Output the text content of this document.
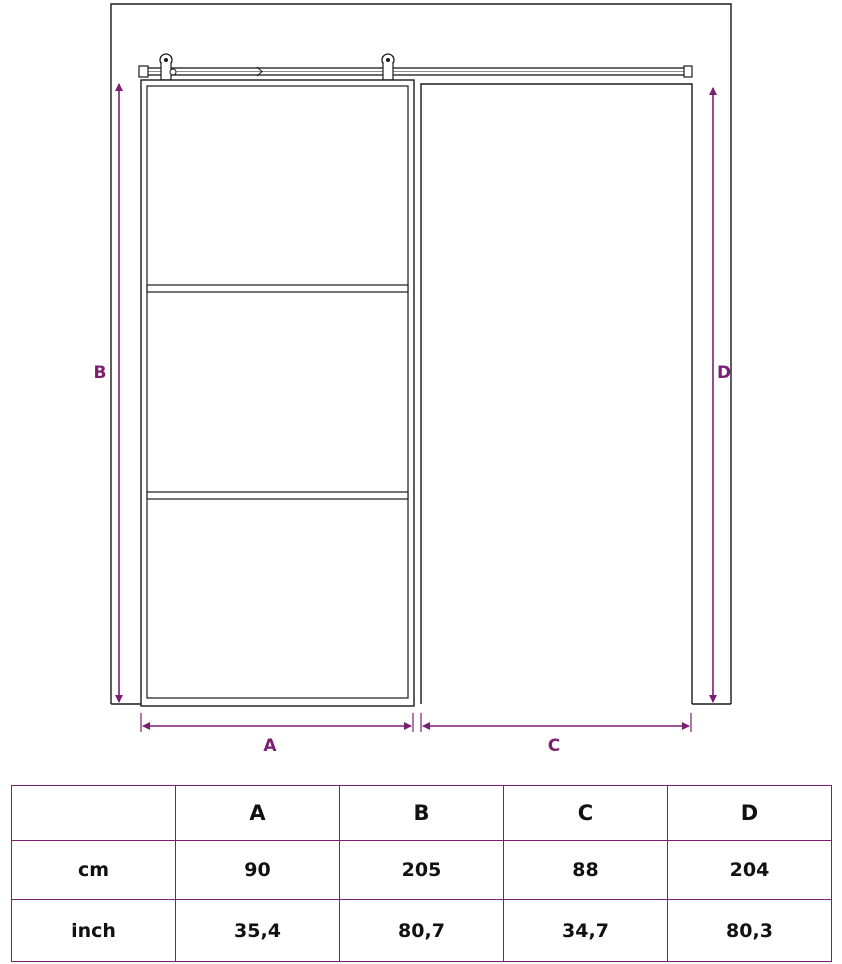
B	D
A	C
	A	B	C	D
cm	90	205	88	204
inch	35,4	80,7	34,7	80,3
